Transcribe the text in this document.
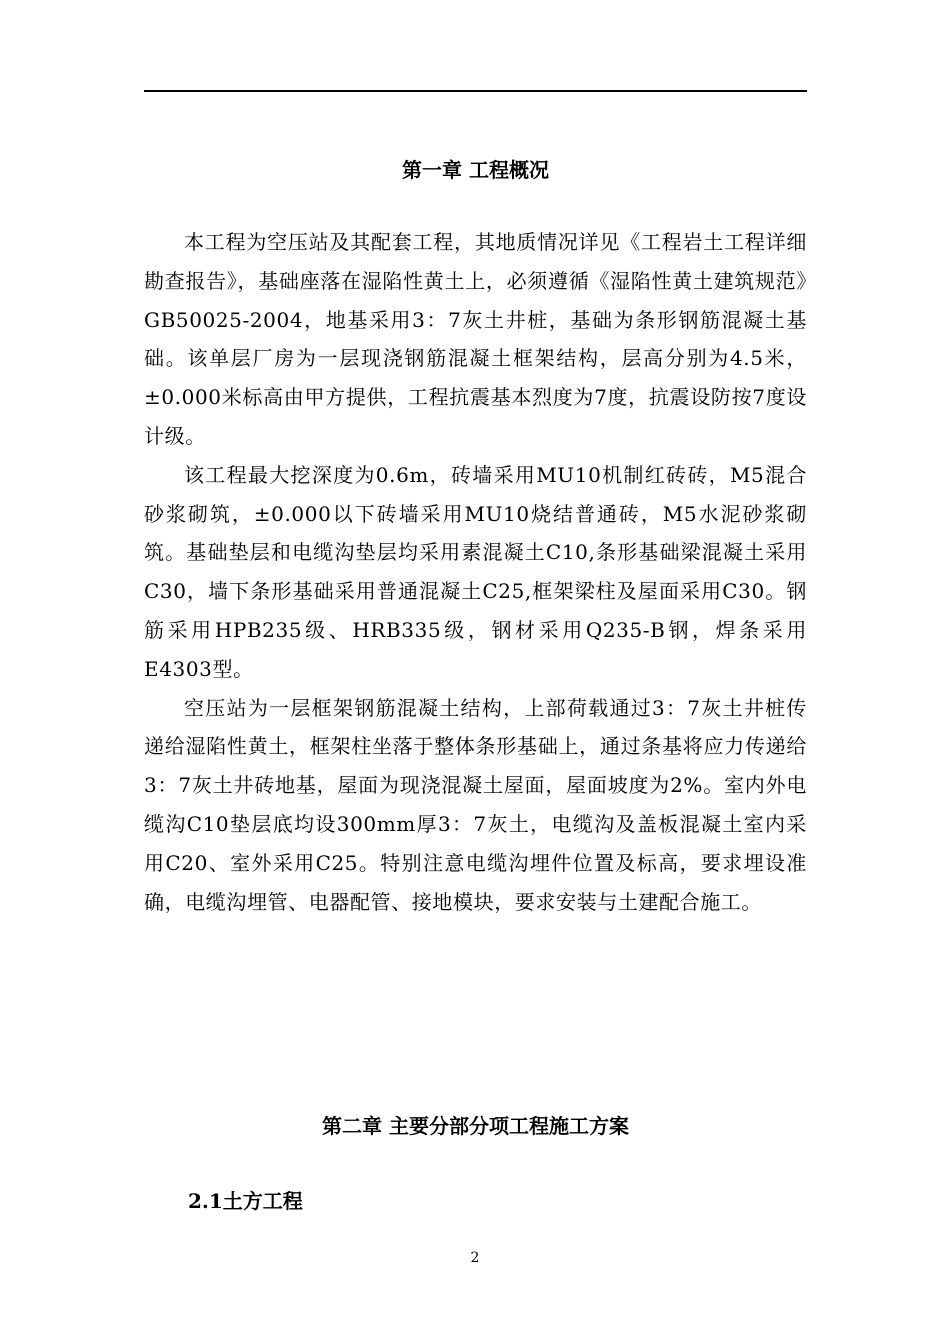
第一章 工程概况

本工程为空压站及其配套工程，其地质情况详见《工程岩土工程详细勘查报告》，基础座落在湿陷性黄土上，必须遵循《湿陷性黄土建筑规范》GB50025-2004，地基采用3：7灰土井桩，基础为条形钢筋混凝土基础。该单层厂房为一层现浇钢筋混凝土框架结构，层高分别为4.5米，±0.000米标高由甲方提供，工程抗震基本烈度为7度，抗震设防按7度设计级。

该工程最大挖深度为0.6m，砖墙采用MU10机制红砖砖，M5混合砂浆砌筑，±0.000以下砖墙采用MU10烧结普通砖，M5水泥砂浆砌筑。基础垫层和电缆沟垫层均采用素混凝土C10,条形基础梁混凝土采用C30，墙下条形基础采用普通混凝土C25,框架梁柱及屋面采用C30。钢筋采用HPB235级、HRB335级，钢材采用Q235-B钢，焊条采用E4303型。

空压站为一层框架钢筋混凝土结构，上部荷载通过3：7灰土井桩传递给湿陷性黄土，框架柱坐落于整体条形基础上，通过条基将应力传递给3：7灰土井砖地基，屋面为现浇混凝土屋面，屋面坡度为2%。室内外电缆沟C10垫层底均设300mm厚3：7灰土，电缆沟及盖板混凝土室内采用C20、室外采用C25。特别注意电缆沟埋件位置及标高，要求埋设准确，电缆沟埋管、电器配管、接地模块，要求安装与土建配合施工。

第二章 主要分部分项工程施工方案
2.1土方工程
2
